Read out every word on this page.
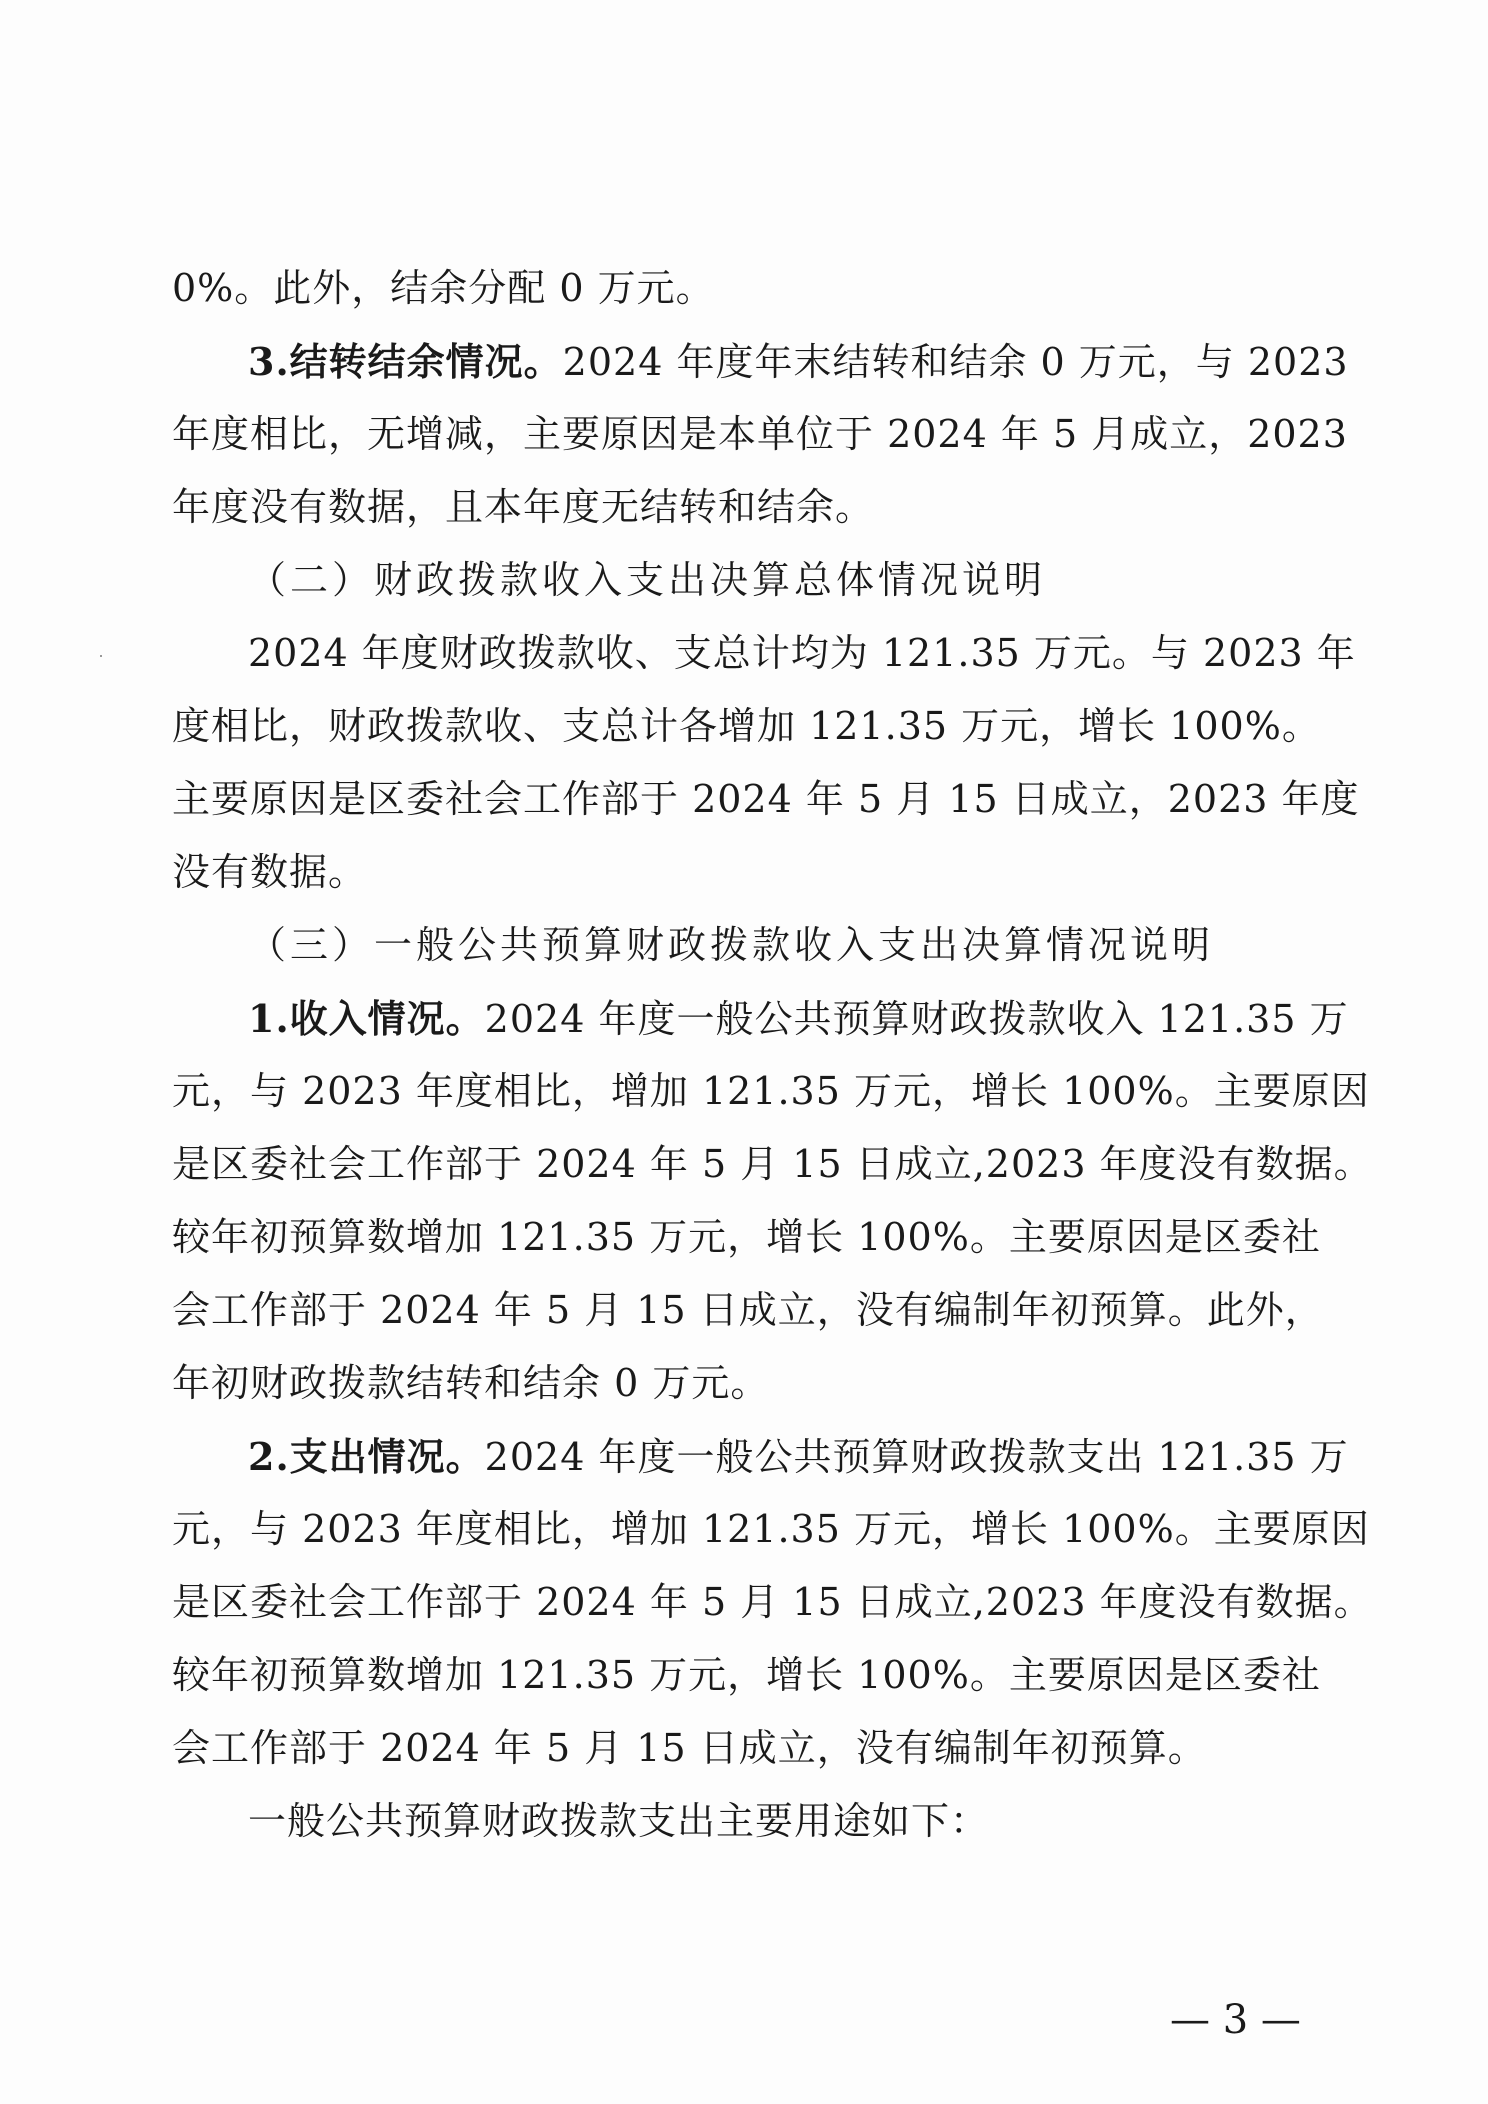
0%。此外，结余分配 0 万元。
3.结转结余情况。2024 年度年末结转和结余 0 万元，与 2023
年度相比，无增减，主要原因是本单位于 2024 年 5 月成立，2023
年度没有数据，且本年度无结转和结余。
（二）财政拨款收入支出决算总体情况说明
2024 年度财政拨款收、支总计均为 121.35 万元。与 2023 年
度相比，财政拨款收、支总计各增加 121.35 万元，增长 100%。
主要原因是区委社会工作部于 2024 年 5 月 15 日成立，2023 年度
没有数据。
（三）一般公共预算财政拨款收入支出决算情况说明
1.收入情况。2024 年度一般公共预算财政拨款收入 121.35 万
元，与 2023 年度相比，增加 121.35 万元，增长 100%。主要原因
是区委社会工作部于 2024 年 5 月 15 日成立,2023 年度没有数据。
较年初预算数增加 121.35 万元，增长 100%。主要原因是区委社
会工作部于 2024 年 5 月 15 日成立，没有编制年初预算。此外，
年初财政拨款结转和结余 0 万元。
2.支出情况。2024 年度一般公共预算财政拨款支出 121.35 万
元，与 2023 年度相比，增加 121.35 万元，增长 100%。主要原因
是区委社会工作部于 2024 年 5 月 15 日成立,2023 年度没有数据。
较年初预算数增加 121.35 万元，增长 100%。主要原因是区委社
会工作部于 2024 年 5 月 15 日成立，没有编制年初预算。
一般公共预算财政拨款支出主要用途如下：
— 3 —
